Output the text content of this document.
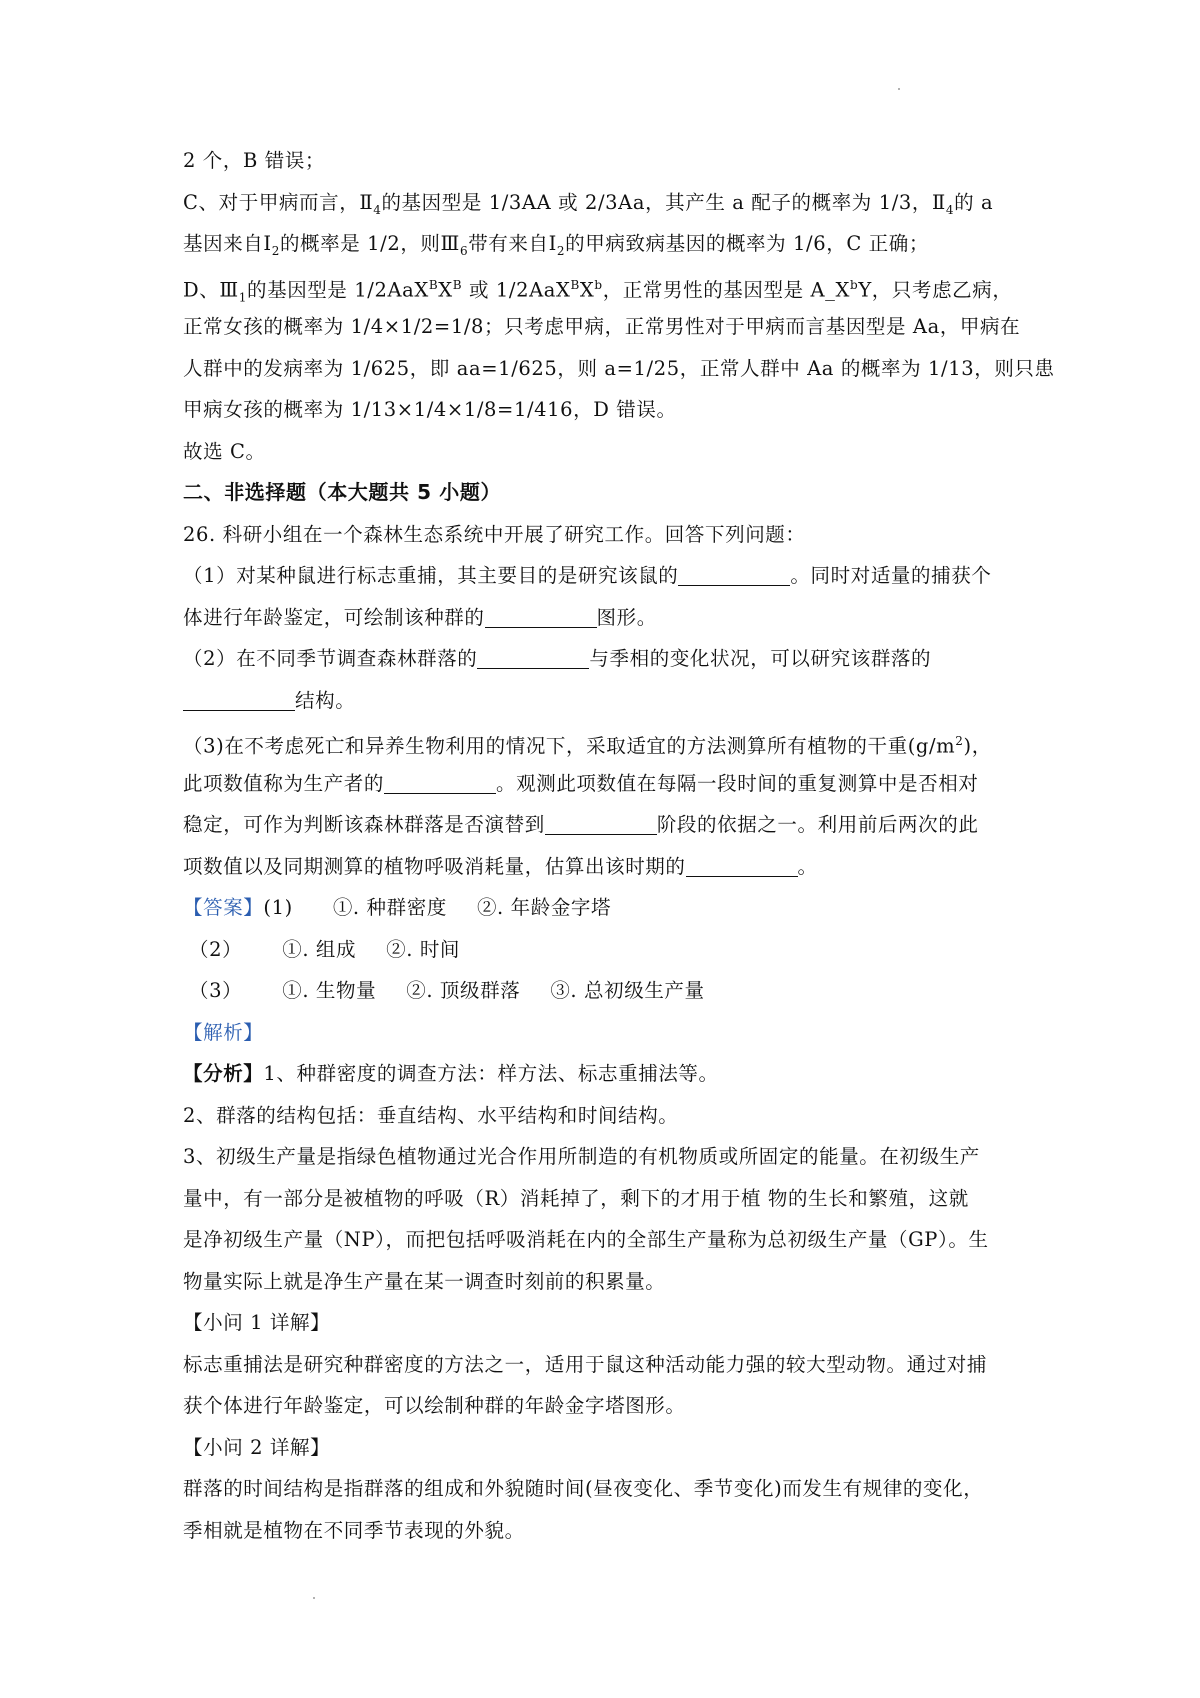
2 个，B 错误；
C、对于甲病而言，$Ⅱ_4$的基因型是 1/3AA 或 2/3Aa，其产生 a 配子的概率为 1/3，$Ⅱ_4$的 a
基因来自$Ⅰ_2$的概率是 1/2，则$Ⅲ_6$带有来自$Ⅰ_2$的甲病致病基因的概率为 1/6，C 正确；
D、$Ⅲ_1$的基因型是 $1/2AaX^BX^B$ 或 $1/2AaX^BX^b$，正常男性的基因型是 $A\_X^bY$，只考虑乙病，
正常女孩的概率为 1/4×1/2=1/8；只考虑甲病，正常男性对于甲病而言基因型是 Aa，甲病在
人群中的发病率为 1/625，即 aa=1/625，则 a=1/25，正常人群中 Aa 的概率为 1/13，则只患
甲病女孩的概率为 1/13×1/4×1/8=1/416，D 错误。
故选 C。
二、非选择题（本大题共 5 小题）
26. 科研小组在一个森林生态系统中开展了研究工作。回答下列问题：
（1）对某种鼠进行标志重捕，其主要目的是研究该鼠的	。同时对适量的捕获个
体进行年龄鉴定，可绘制该种群的	图形。
（2）在不同季节调查森林群落的	与季相的变化状况，可以研究该群落的
结构。
（3)在不考虑死亡和异养生物利用的情况下，采取适宜的方法测算所有植物的干重$(g/m^2)$，
此项数值称为生产者的	。观测此项数值在每隔一段时间的重复测算中是否相对
稳定，可作为判断该森林群落是否演替到	阶段的依据之一。利用前后两次的此
项数值以及同期测算的植物呼吸消耗量，估算出该时期的	。
【答案】(1) ①. 种群密度 ②. 年龄金字塔
（2） ①. 组成 ②. 时间
（3） ①. 生物量 ②. 顶级群落 ③. 总初级生产量
【解析】
【分析】1、种群密度的调查方法：样方法、标志重捕法等。
2、群落的结构包括：垂直结构、水平结构和时间结构。
3、初级生产量是指绿色植物通过光合作用所制造的有机物质或所固定的能量。在初级生产
量中，有一部分是被植物的呼吸（R）消耗掉了，剩下的才用于植 物的生长和繁殖，这就
是净初级生产量（NP），而把包括呼吸消耗在内的全部生产量称为总初级生产量（GP）。生
物量实际上就是净生产量在某一调查时刻前的积累量。
【小问 1 详解】
标志重捕法是研究种群密度的方法之一，适用于鼠这种活动能力强的较大型动物。通过对捕
获个体进行年龄鉴定，可以绘制种群的年龄金字塔图形。
【小问 2 详解】
群落的时间结构是指群落的组成和外貌随时间(昼夜变化、季节变化)而发生有规律的变化，
季相就是植物在不同季节表现的外貌。
